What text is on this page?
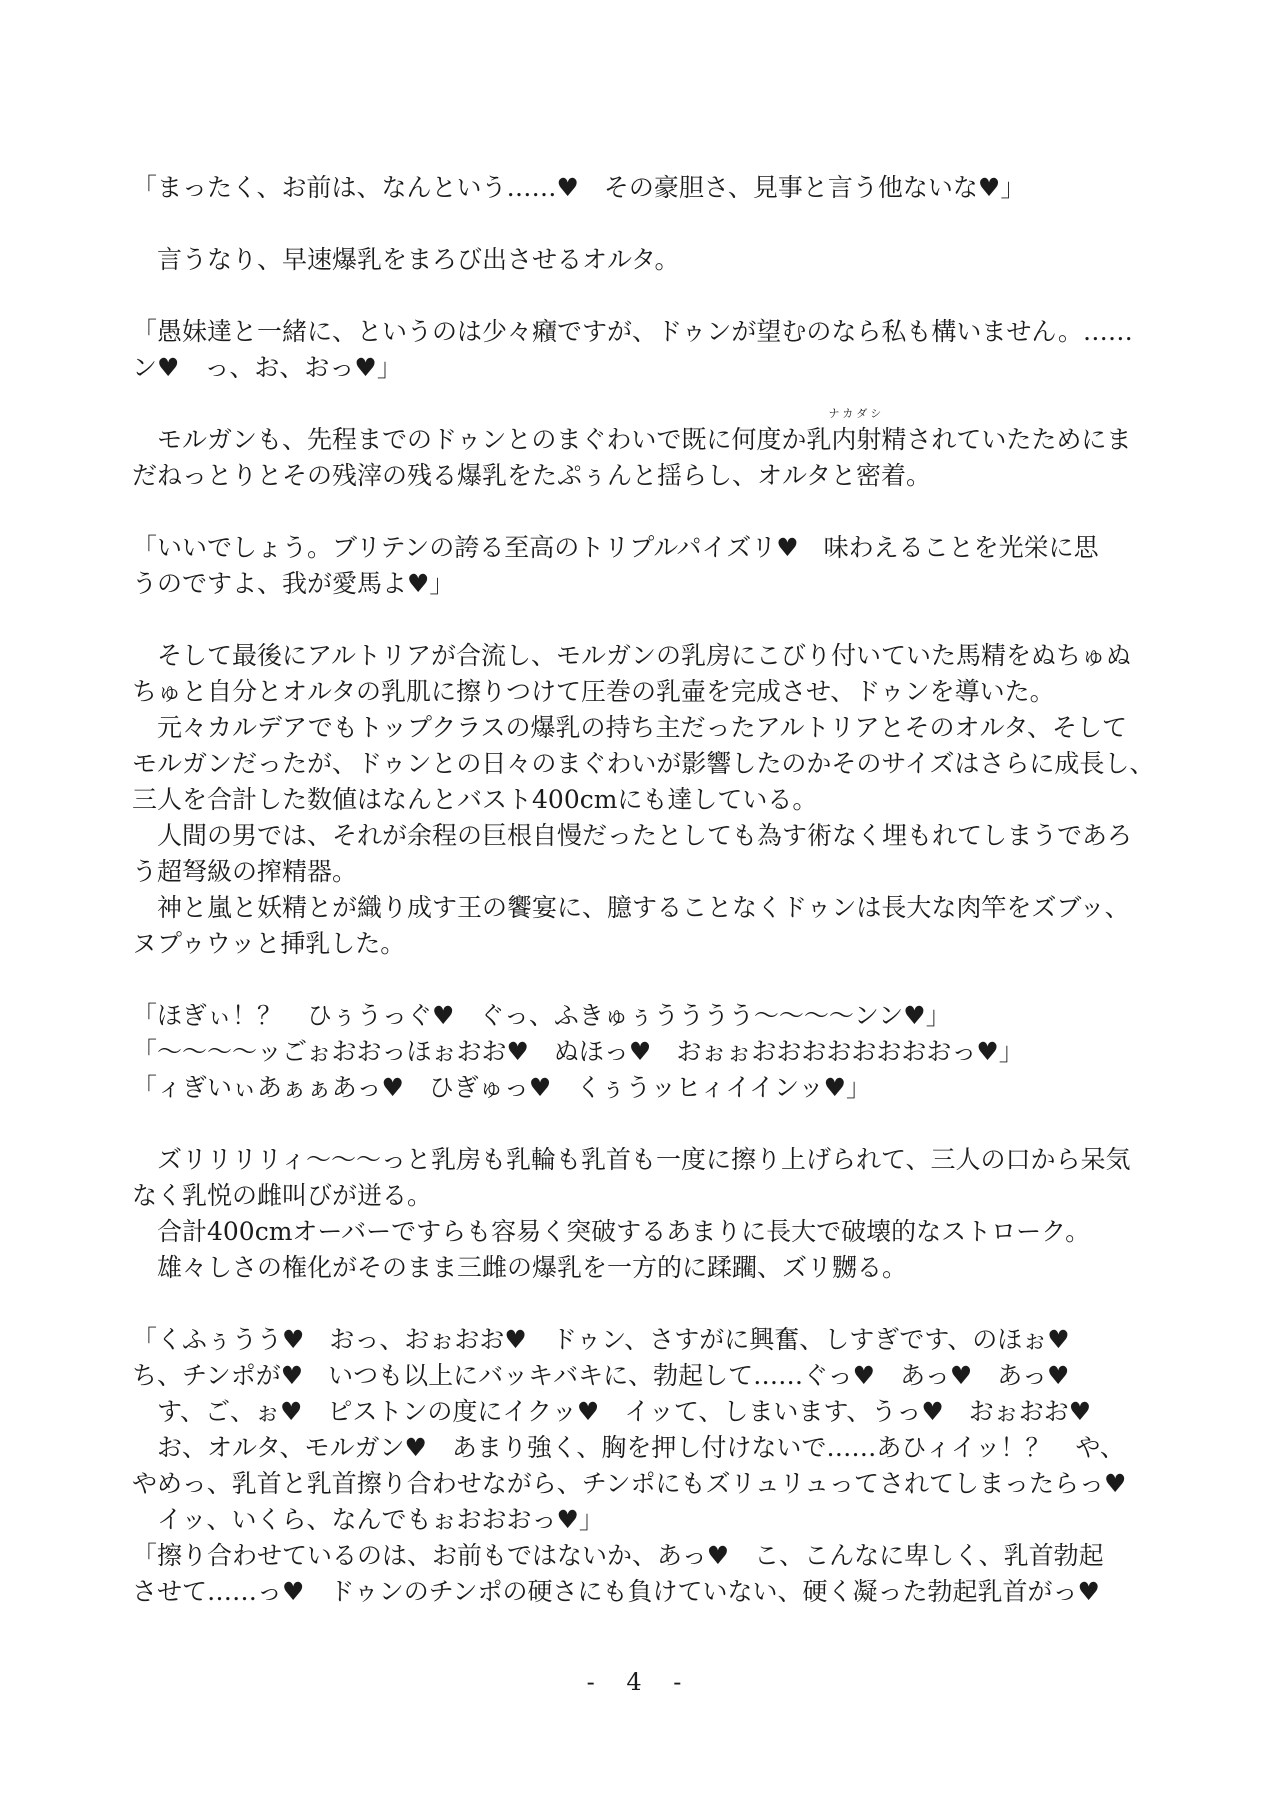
「まったく、お前は、なんという……♥　その豪胆さ、見事と言う他ないな♥」
　言うなり、早速爆乳をまろび出させるオルタ。
「愚妹達と一緒に、というのは少々癪ですが、ドゥンが望むのなら私も構いません。……
ン♥　っ、お、おっ♥」
　モルガンも、先程までのドゥンとのまぐわいで既に何度か
ナカダシ
乳内射精されていたためにま
だねっとりとその残滓の残る爆乳をたぷぅんと揺らし、オルタと密着。
「いいでしょう。ブリテンの誇る至高のトリプルパイズリ♥　味わえることを光栄に思
うのですよ、我が愛馬よ♥」
　そして最後にアルトリアが合流し、モルガンの乳房にこびり付いていた馬精をぬちゅぬ
ちゅと自分とオルタの乳肌に擦りつけて圧巻の乳壷を完成させ、ドゥンを導いた。
　元々カルデアでもトップクラスの爆乳の持ち主だったアルトリアとそのオルタ、そして
モルガンだったが、ドゥンとの日々のまぐわいが影響したのかそのサイズはさらに成長し、
三人を合計した数値はなんとバスト400cmにも達している。
　人間の男では、それが余程の巨根自慢だったとしても為す術なく埋もれてしまうであろ
う超弩級の搾精器。
　神と嵐と妖精とが織り成す王の饗宴に、臆することなくドゥンは長大な肉竿をズブッ、
ヌプゥウッと挿乳した。
「ほぎぃ！？　ひぅうっぐ♥　ぐっ、ふきゅぅうううう～～～～ンン♥」
「～～～～ッごぉおおっほぉおお♥　ぬほっ♥　おぉぉおおおおおおおおっ♥」
「ィぎいぃあぁぁあっ♥　ひぎゅっ♥　くぅうッヒィイインッ♥」
　ズリリリリィ～～～っと乳房も乳輪も乳首も一度に擦り上げられて、三人の口から呆気
なく乳悦の雌叫びが迸る。
　合計400cmオーバーですらも容易く突破するあまりに長大で破壊的なストローク。
　雄々しさの権化がそのまま三雌の爆乳を一方的に蹂躙、ズリ嬲る。
「くふぅうう♥　おっ、おぉおお♥　ドゥン、さすがに興奮、しすぎです、のほぉ♥
ち、チンポが♥　いつも以上にバッキバキに、勃起して……ぐっ♥　あっ♥　あっ♥
　す、ご、ぉ♥　ピストンの度にイクッ♥　イッて、しまいます、うっ♥　おぉおお♥
　お、オルタ、モルガン♥　あまり強く、胸を押し付けないで……あひィイッ！？　や、
やめっ、乳首と乳首擦り合わせながら、チンポにもズリュリュってされてしまったらっ♥
　イッ、いくら、なんでもぉおおおっ♥」
「擦り合わせているのは、お前もではないか、あっ♥　こ、こんなに卑しく、乳首勃起
させて……っ♥　ドゥンのチンポの硬さにも負けていない、硬く凝った勃起乳首がっ♥
- 4 -
